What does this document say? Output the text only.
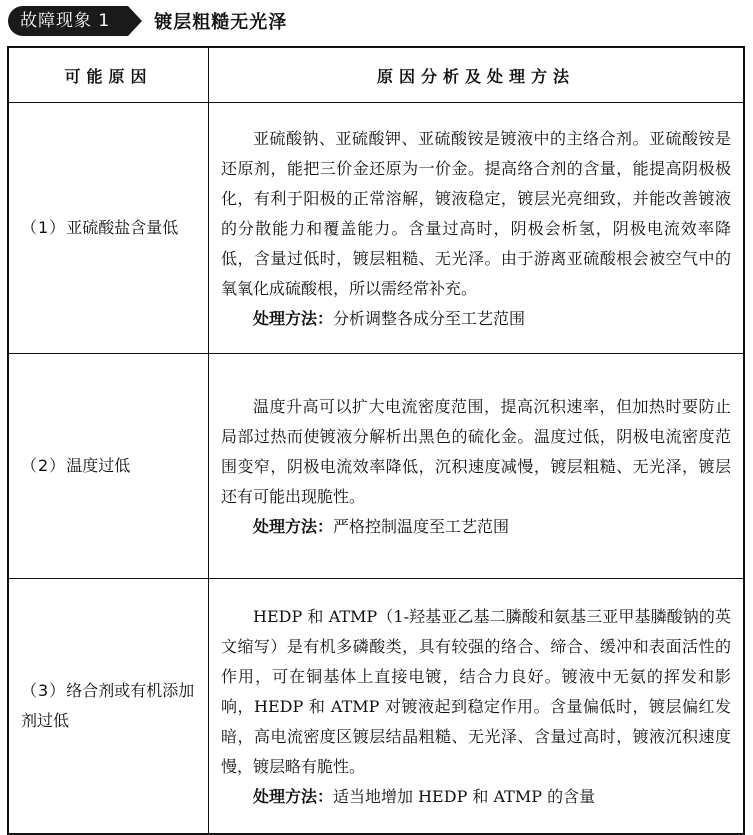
故障现象 1	镀层粗糙无光泽
可能原因	原因分析及处理方法
（1）亚硫酸盐含量低	亚硫酸钠、亚硫酸钾、亚硫酸铵是镀液中的主络合剂。亚硫酸铵是还原剂，能把三价金还原为一价金。提高络合剂的含量，能提高阴极极化，有利于阳极的正常溶解，镀液稳定，镀层光亮细致，并能改善镀液的分散能力和覆盖能力。含量过高时，阴极会析氢，阴极电流效率降低，含量过低时，镀层粗糙、无光泽。由于游离亚硫酸根会被空气中的氧氧化成硫酸根，所以需经常补充。

处理方法：分析调整各成分至工艺范围

（2）温度过低	温度升高可以扩大电流密度范围，提高沉积速率，但加热时要防止局部过热而使镀液分解析出黑色的硫化金。温度过低，阴极电流密度范围变窄，阴极电流效率降低，沉积速度减慢，镀层粗糙、无光泽，镀层还有可能出现脆性。

处理方法：严格控制温度至工艺范围

（3）络合剂或有机添加剂过低	HEDP 和 ATMP（1-羟基亚乙基二膦酸和氨基三亚甲基膦酸钠的英文缩写）是有机多磷酸类，具有较强的络合、缔合、缓冲和表面活性的作用，可在铜基体上直接电镀，结合力良好。镀液中无氨的挥发和影响，HEDP 和 ATMP 对镀液起到稳定作用。含量偏低时，镀层偏红发暗，高电流密度区镀层结晶粗糙、无光泽、含量过高时，镀液沉积速度慢，镀层略有脆性。

处理方法：适当地增加 HEDP 和 ATMP 的含量
